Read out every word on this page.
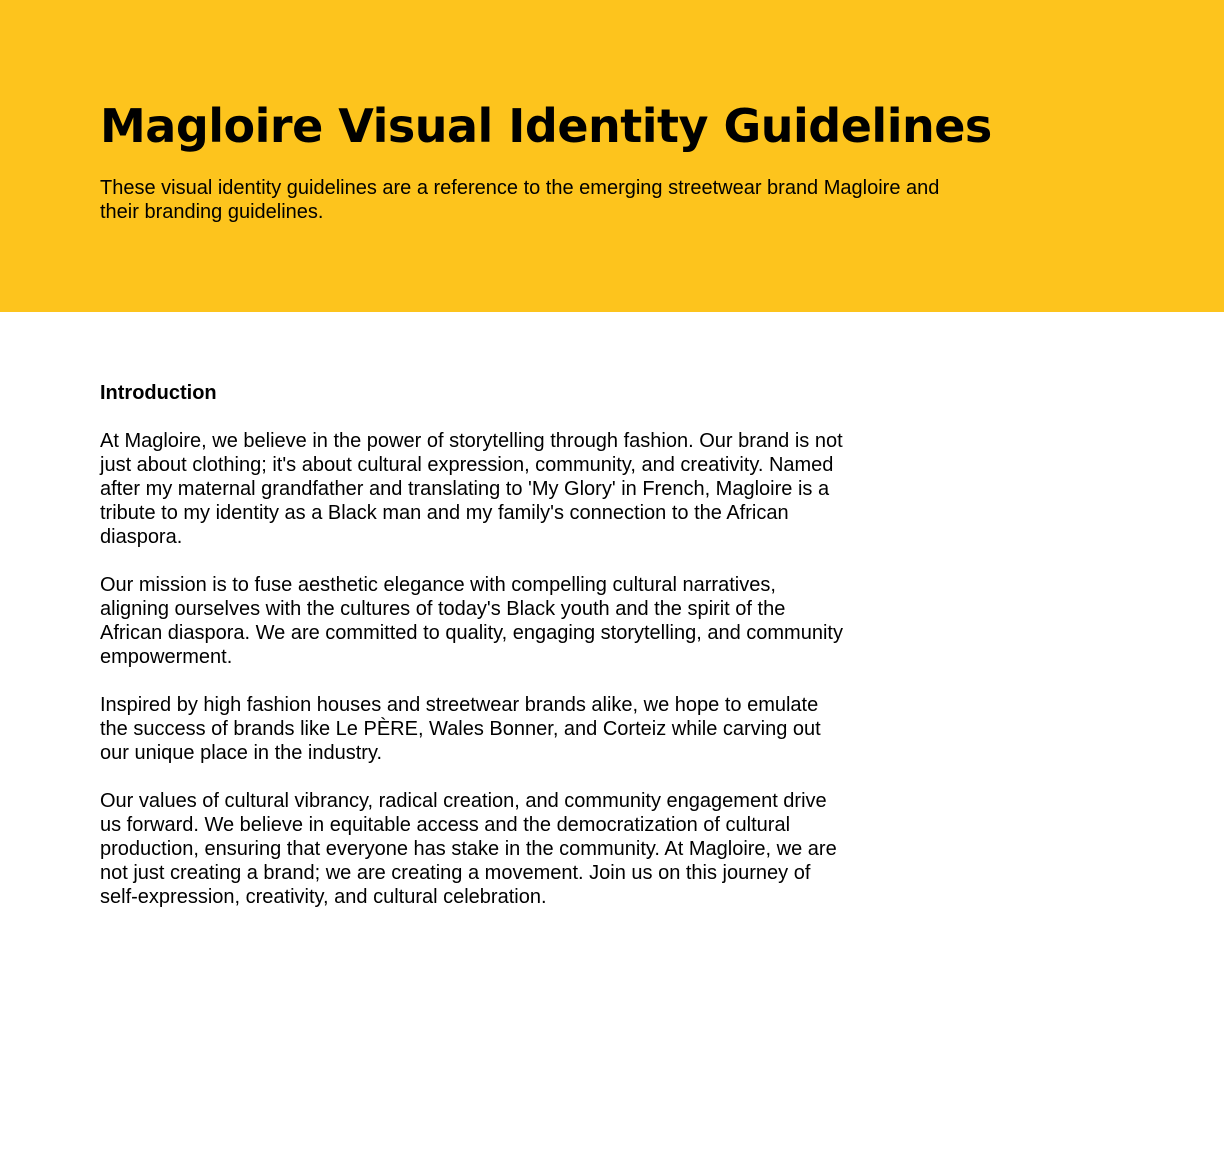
Magloire Visual Identity Guidelines

These visual identity guidelines are a reference to the emerging streetwear brand Magloire and their branding guidelines.

Introduction

At Magloire, we believe in the power of storytelling through fashion. Our brand is not just about clothing; it's about cultural expression, community, and creativity. Named after my maternal grandfather and translating to 'My Glory' in French, Magloire is a tribute to my identity as a Black man and my family's connection to the African diaspora.

Our mission is to fuse aesthetic elegance with compelling cultural narratives, aligning ourselves with the cultures of today's Black youth and the spirit of the African diaspora. We are committed to quality, engaging storytelling, and community empowerment.

Inspired by high fashion houses and streetwear brands alike, we hope to emulate the success of brands like Le PÈRE, Wales Bonner, and Corteiz while carving out our unique place in the industry.

Our values of cultural vibrancy, radical creation, and community engagement drive us forward. We believe in equitable access and the democratization of cultural production, ensuring that everyone has stake in the community. At Magloire, we are not just creating a brand; we are creating a movement. Join us on this journey of self-expression, creativity, and cultural celebration.
